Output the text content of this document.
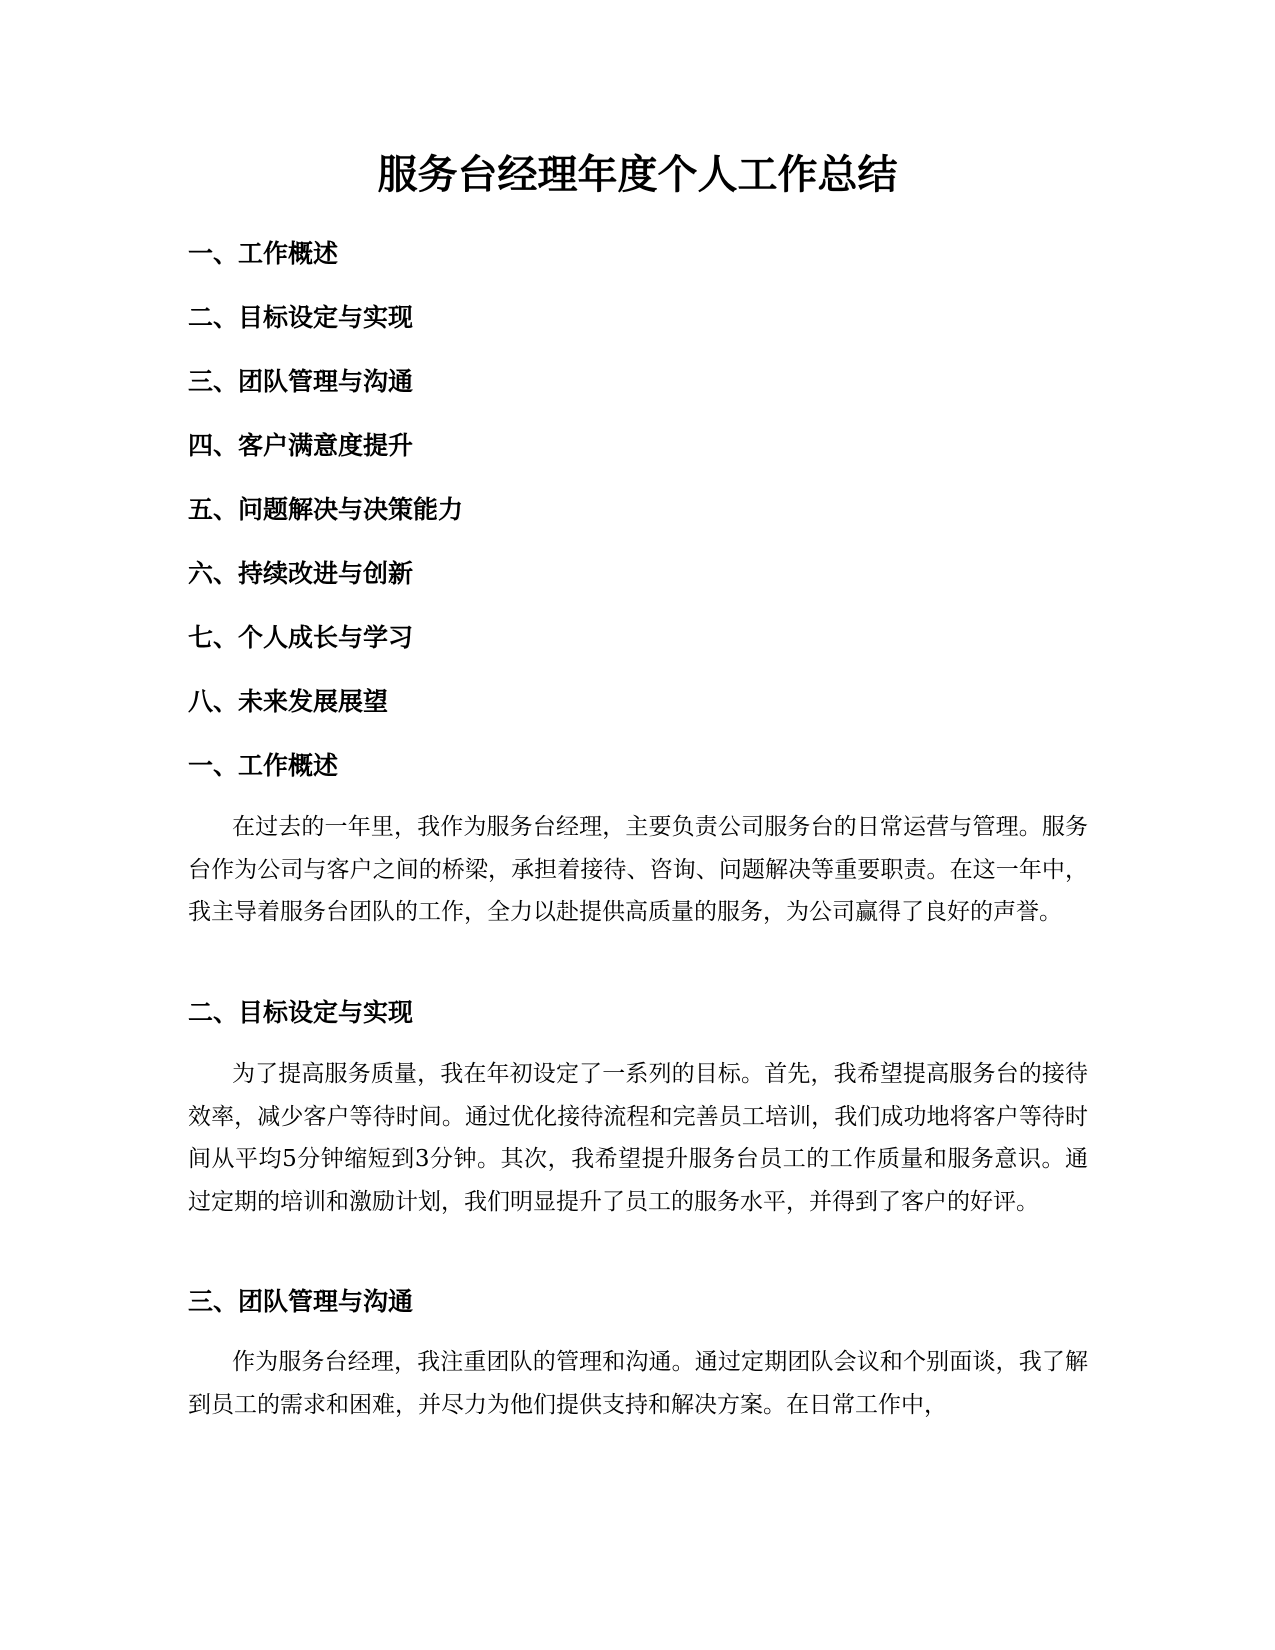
服务台经理年度个人工作总结
一、工作概述
二、目标设定与实现
三、团队管理与沟通
四、客户满意度提升
五、问题解决与决策能力
六、持续改进与创新
七、个人成长与学习
八、未来发展展望
一、工作概述

在过去的一年里，我作为服务台经理，主要负责公司服务台的日常运营与管理。服务台作为公司与客户之间的桥梁，承担着接待、咨询、问题解决等重要职责。在这一年中，我主导着服务台团队的工作，全力以赴提供高质量的服务，为公司赢得了良好的声誉。

二、目标设定与实现

为了提高服务质量，我在年初设定了一系列的目标。首先，我希望提高服务台的接待效率，减少客户等待时间。通过优化接待流程和完善员工培训，我们成功地将客户等待时间从平均5分钟缩短到3分钟。其次，我希望提升服务台员工的工作质量和服务意识。通过定期的培训和激励计划，我们明显提升了员工的服务水平，并得到了客户的好评。

三、团队管理与沟通

作为服务台经理，我注重团队的管理和沟通。通过定期团队会议和个别面谈，我了解到员工的需求和困难，并尽力为他们提供支持和解决方案。在日常工作中，
